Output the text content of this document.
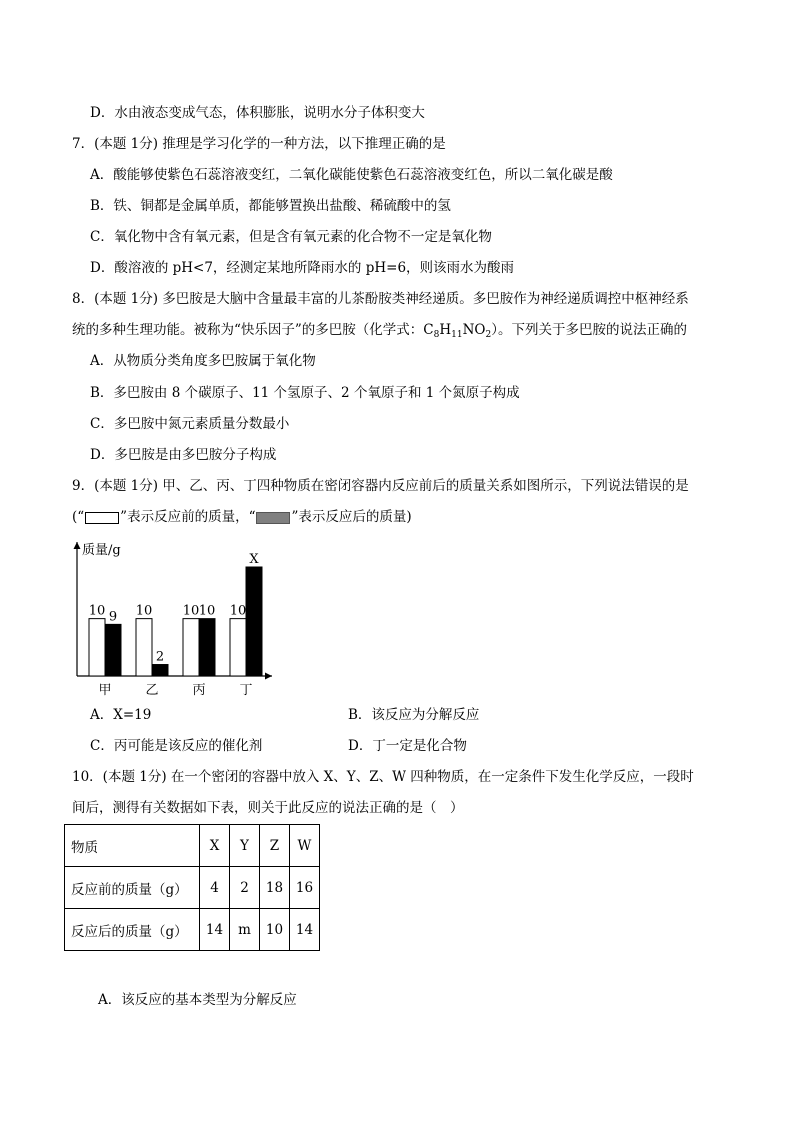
D．水由液态变成气态，体积膨胀，说明水分子体积变大
7．(本题 1分) 推理是学习化学的一种方法，以下推理正确的是
A．酸能够使紫色石蕊溶液变红，二氧化碳能使紫色石蕊溶液变红色，所以二氧化碳是酸
B．铁、铜都是金属单质，都能够置换出盐酸、稀硫酸中的氢
C．氧化物中含有氧元素，但是含有氧元素的化合物不一定是氧化物
D．酸溶液的 pH<7，经测定某地所降雨水的 pH=6，则该雨水为酸雨
8．(本题 1分) 多巴胺是大脑中含量最丰富的儿茶酚胺类神经递质。多巴胺作为神经递质调控中枢神经系
统的多种生理功能。被称为“快乐因子”的多巴胺（化学式：$C_8H_{11}NO_2$）。下列关于多巴胺的说法正确的
A．从物质分类角度多巴胺属于氧化物
B．多巴胺由 8 个碳原子、11 个氢原子、2 个氧原子和 1 个氮原子构成
C．多巴胺中氮元素质量分数最小
D．多巴胺是由多巴胺分子构成
9．(本题 1分) 甲、乙、丙、丁四种物质在密闭容器内反应前后的质量关系如图所示，下列说法错误的是
(“	”表示反应前的质量，“	”表示反应后的质量)
质量/g
10 9
甲
10
2
乙
10 10
丙
10
X
丁
A．X=19	B．该反应为分解反应
C．丙可能是该反应的催化剂	D．丁一定是化合物
10．(本题 1分) 在一个密闭的容器中放入 X、Y、Z、W 四种物质，在一定条件下发生化学反应，一段时
间后，测得有关数据如下表，则关于此反应的说法正确的是（　）
物质	X	Y	Z	W
反应前的质量（g）	4	2	18	16
反应后的质量（g）	14	m	10	14
A．该反应的基本类型为分解反应
